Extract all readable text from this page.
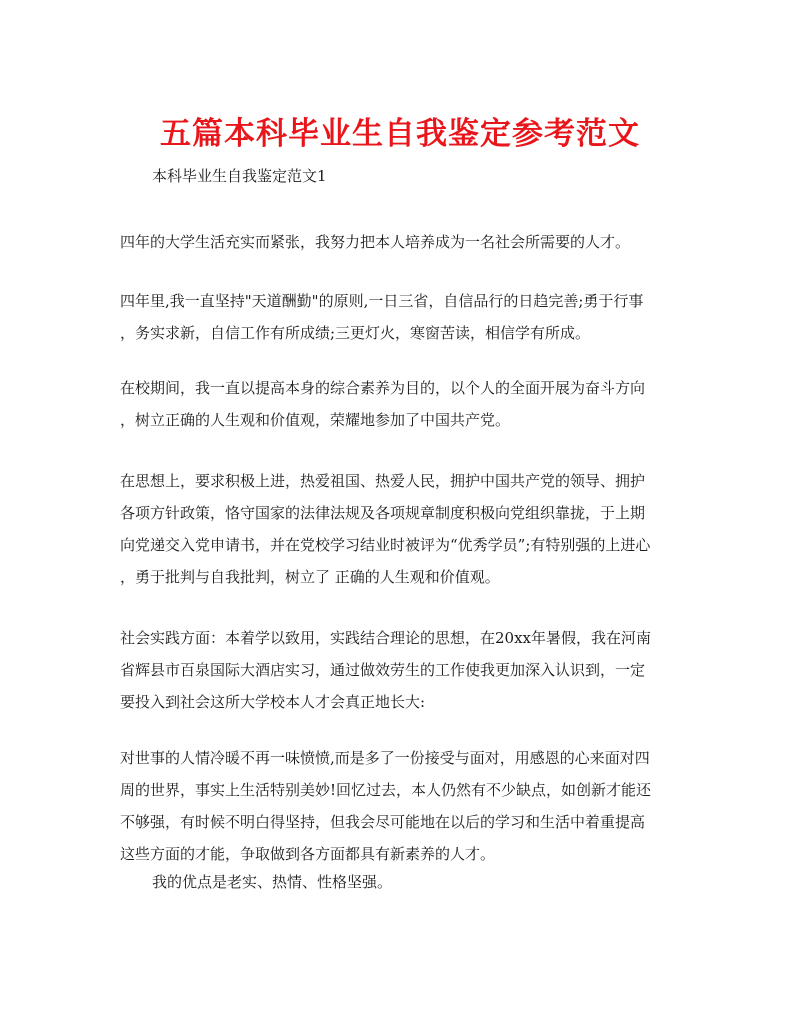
五篇本科毕业生自我鉴定参考范文

本科毕业生自我鉴定范文1

四年的大学生活充实而紧张，我努力把本人培养成为一名社会所需要的人才。
四年里,我一直坚持"天道酬勤"的原则,一日三省，自信品行的日趋完善;勇于行事
，务实求新，自信工作有所成绩;三更灯火，寒窗苦读，相信学有所成。
在校期间，我一直以提高本身的综合素养为目的，以个人的全面开展为奋斗方向
，树立正确的人生观和价值观，荣耀地参加了中国共产党。
在思想上，要求积极上进，热爱祖国、热爱人民，拥护中国共产党的领导、拥护
各项方针政策，恪守国家的法律法规及各项规章制度积极向党组织靠拢，于上期
向党递交入党申请书，并在党校学习结业时被评为“优秀学员”;有特别强的上进心
，勇于批判与自我批判，树立了 正确的人生观和价值观。
社会实践方面：本着学以致用，实践结合理论的思想，在20xx年暑假，我在河南
省辉县市百泉国际大酒店实习，通过做效劳生的工作使我更加深入认识到，一定
要投入到社会这所大学校本人才会真正地长大:
对世事的人情冷暖不再一味愤愤,而是多了一份接受与面对，用感恩的心来面对四
周的世界，事实上生活特别美妙!回忆过去，本人仍然有不少缺点，如创新才能还
不够强，有时候不明白得坚持，但我会尽可能地在以后的学习和生活中着重提高
这些方面的才能，争取做到各方面都具有新素养的人才。
我的优点是老实、热情、性格坚强。
